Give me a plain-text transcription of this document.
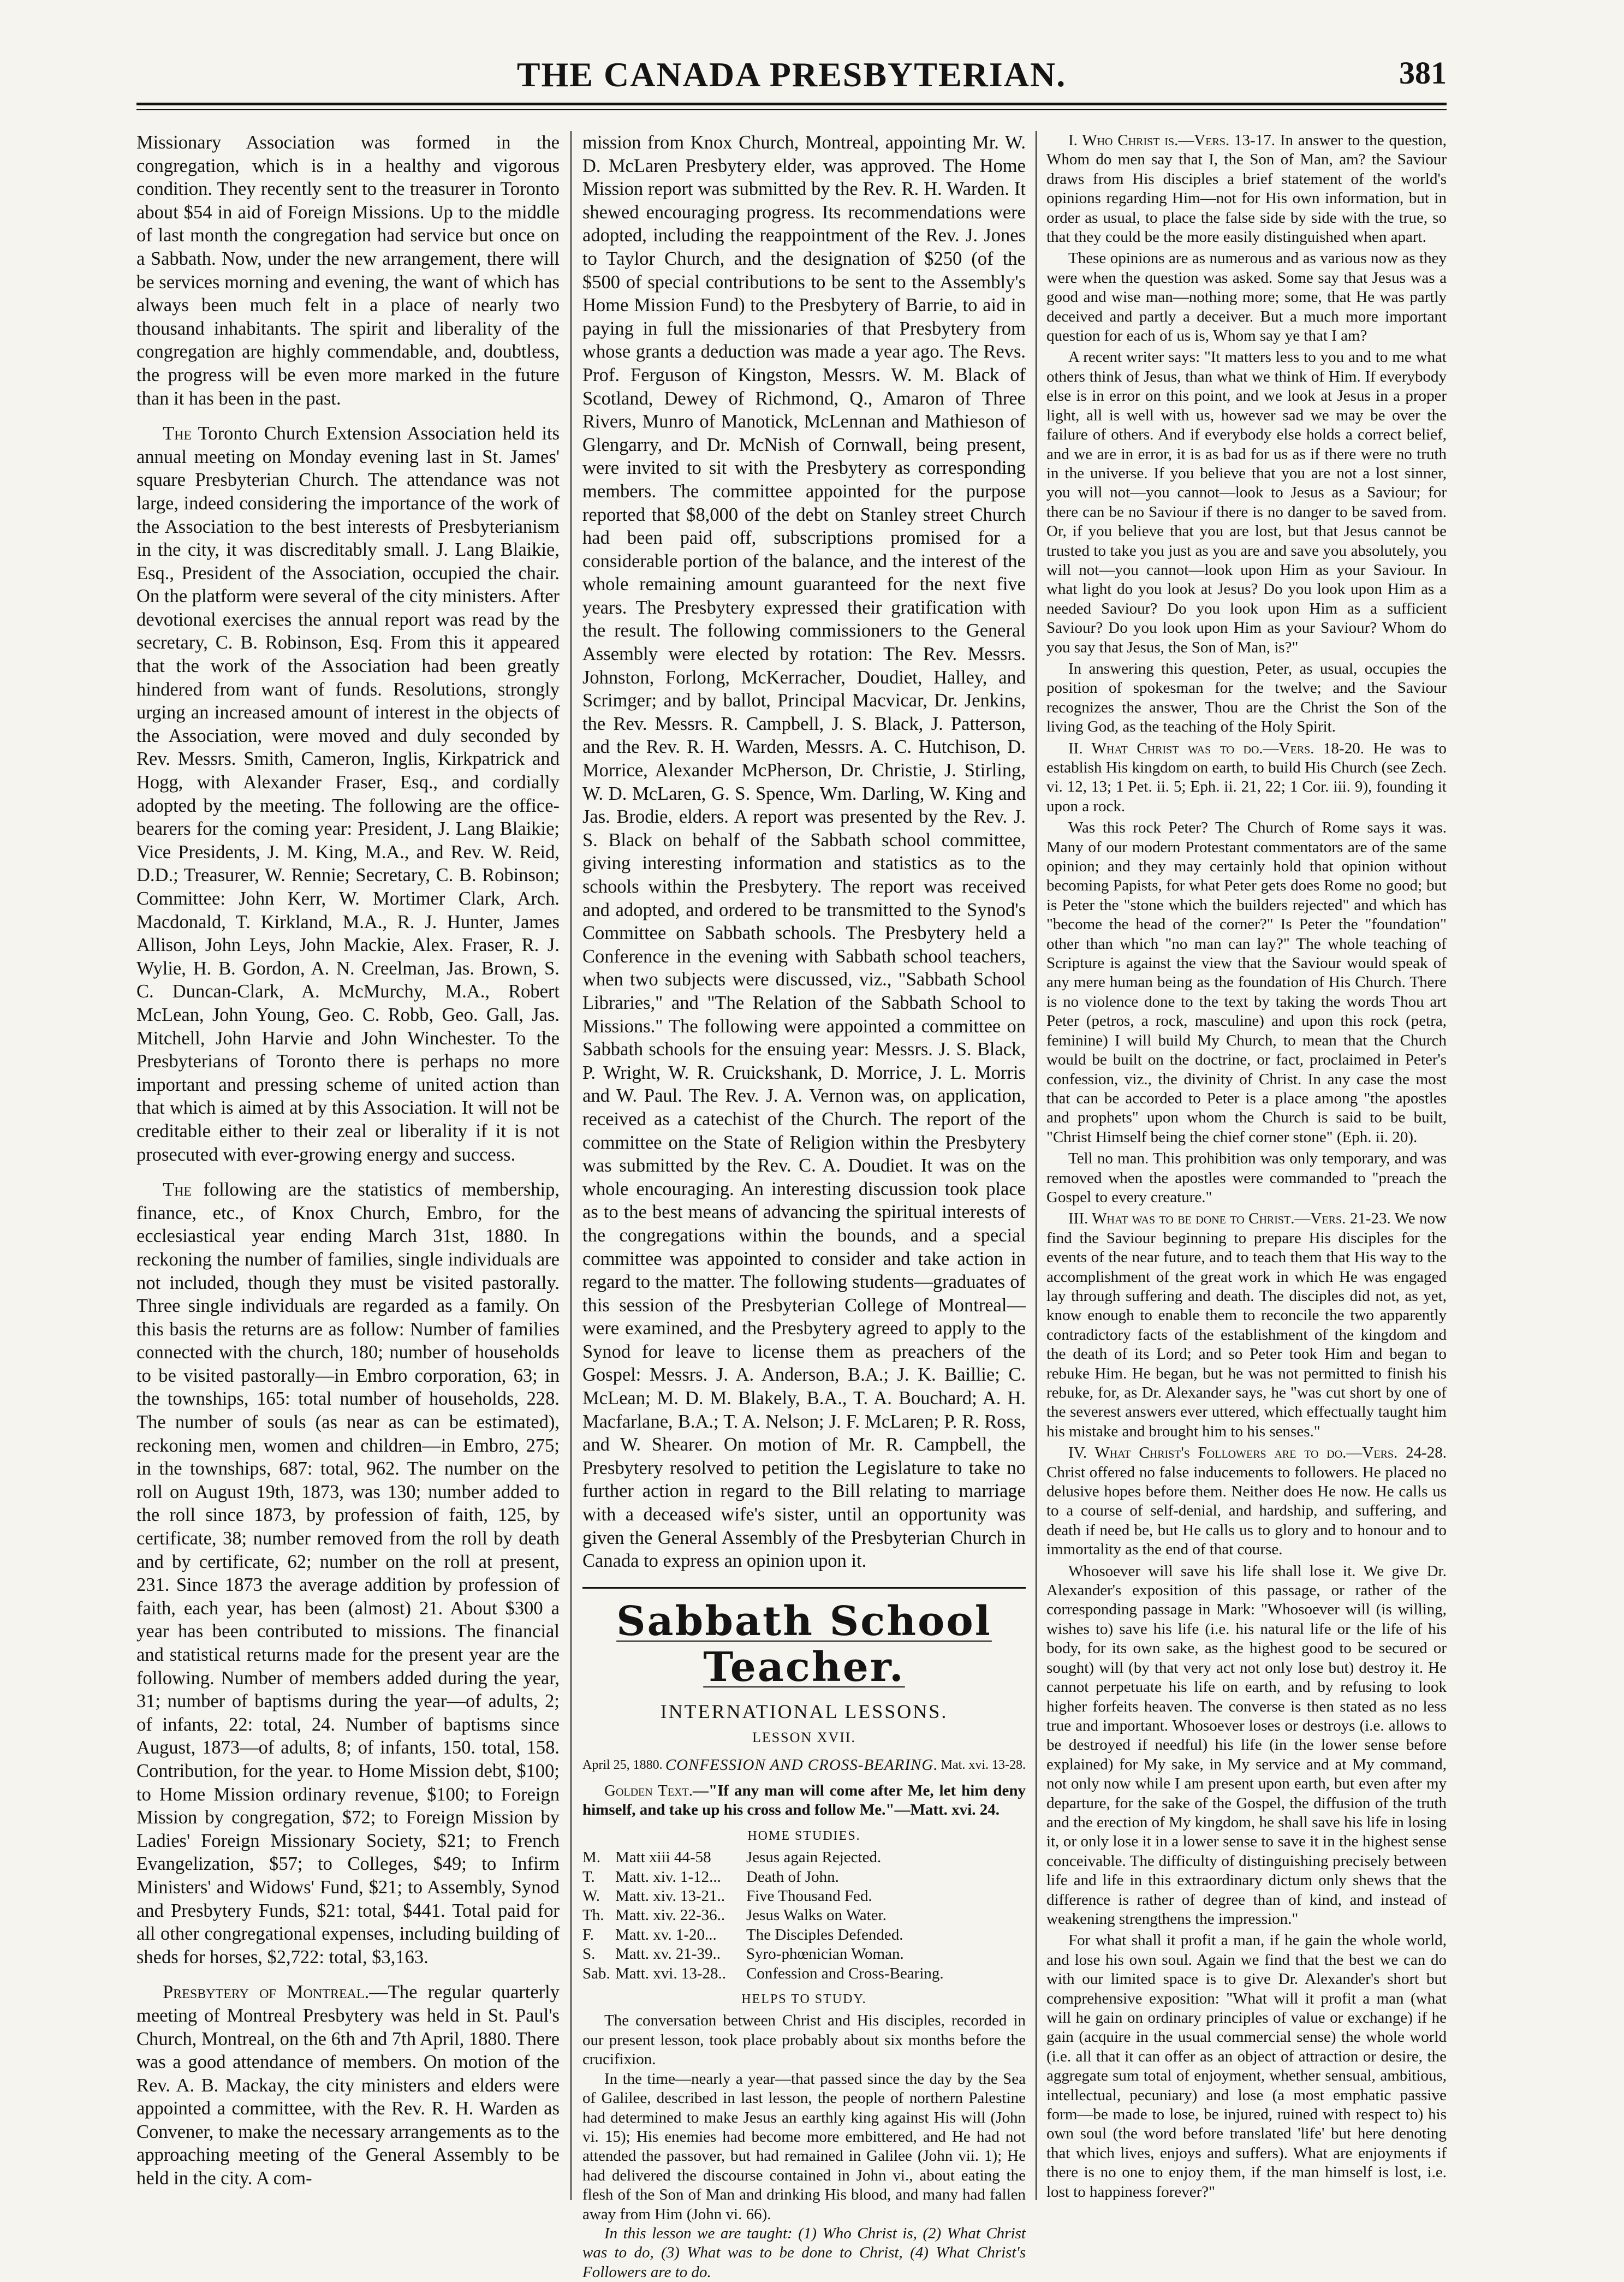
THE CANADA PRESBYTERIAN.	381

Missionary Association was formed in the congregation, which is in a healthy and vigorous condition. They recently sent to the treasurer in Toronto about $54 in aid of Foreign Missions. Up to the middle of last month the congregation had service but once on a Sabbath. Now, under the new arrangement, there will be services morning and evening, the want of which has always been much felt in a place of nearly two thousand inhabitants. The spirit and liberality of the congregation are highly commendable, and, doubtless, the progress will be even more marked in the future than it has been in the past.

The Toronto Church Extension Association held its annual meeting on Monday evening last in St. James' square Presbyterian Church. The attendance was not large, indeed considering the importance of the work of the Association to the best interests of Presbyterianism in the city, it was discreditably small. J. Lang Blaikie, Esq., President of the Association, occupied the chair. On the platform were several of the city ministers. After devotional exercises the annual report was read by the secretary, C. B. Robinson, Esq. From this it appeared that the work of the Association had been greatly hindered from want of funds. Resolutions, strongly urging an increased amount of interest in the objects of the Association, were moved and duly seconded by Rev. Messrs. Smith, Cameron, Inglis, Kirkpatrick and Hogg, with Alexander Fraser, Esq., and cordially adopted by the meeting. The following are the office-bearers for the coming year: President, J. Lang Blaikie; Vice Presidents, J. M. King, M.A., and Rev. W. Reid, D.D.; Treasurer, W. Rennie; Secretary, C. B. Robinson; Committee: John Kerr, W. Mortimer Clark, Arch. Macdonald, T. Kirkland, M.A., R. J. Hunter, James Allison, John Leys, John Mackie, Alex. Fraser, R. J. Wylie, H. B. Gordon, A. N. Creelman, Jas. Brown, S. C. Duncan-Clark, A. McMurchy, M.A., Robert McLean, John Young, Geo. C. Robb, Geo. Gall, Jas. Mitchell, John Harvie and John Winchester. To the Presbyterians of Toronto there is perhaps no more important and pressing scheme of united action than that which is aimed at by this Association. It will not be creditable either to their zeal or liberality if it is not prosecuted with ever-growing energy and success.

The following are the statistics of membership, finance, etc., of Knox Church, Embro, for the ecclesiastical year ending March 31st, 1880. In reckoning the number of families, single individuals are not included, though they must be visited pastorally. Three single individuals are regarded as a family. On this basis the returns are as follow: Number of families connected with the church, 180; number of households to be visited pastorally—in Embro corporation, 63; in the townships, 165: total number of households, 228. The number of souls (as near as can be estimated), reckoning men, women and children—in Embro, 275; in the townships, 687: total, 962. The number on the roll on August 19th, 1873, was 130; number added to the roll since 1873, by profession of faith, 125, by certificate, 38; number removed from the roll by death and by certificate, 62; number on the roll at present, 231. Since 1873 the average addition by profession of faith, each year, has been (almost) 21. About $300 a year has been contributed to missions. The financial and statistical returns made for the present year are the following. Number of members added during the year, 31; number of baptisms during the year—of adults, 2; of infants, 22: total, 24. Number of baptisms since August, 1873—of adults, 8; of infants, 150. total, 158. Contribution, for the year. to Home Mission debt, $100; to Home Mission ordinary revenue, $100; to Foreign Mission by congregation, $72; to Foreign Mission by Ladies' Foreign Missionary Society, $21; to French Evangelization, $57; to Colleges, $49; to Infirm Ministers' and Widows' Fund, $21; to Assembly, Synod and Presbytery Funds, $21: total, $441. Total paid for all other congregational expenses, including building of sheds for horses, $2,722: total, $3,163.

Presbytery of Montreal.—The regular quarterly meeting of Montreal Presbytery was held in St. Paul's Church, Montreal, on the 6th and 7th April, 1880. There was a good attendance of members. On motion of the Rev. A. B. Mackay, the city ministers and elders were appointed a committee, with the Rev. R. H. Warden as Convener, to make the necessary arrangements as to the approaching meeting of the General Assembly to be held in the city. A com-

mission from Knox Church, Montreal, appointing Mr. W. D. McLaren Presbytery elder, was approved. The Home Mission report was submitted by the Rev. R. H. Warden. It shewed encouraging progress. Its recommendations were adopted, including the reappointment of the Rev. J. Jones to Taylor Church, and the designation of $250 (of the $500 of special contributions to be sent to the Assembly's Home Mission Fund) to the Presbytery of Barrie, to aid in paying in full the missionaries of that Presbytery from whose grants a deduction was made a year ago. The Revs. Prof. Ferguson of Kingston, Messrs. W. M. Black of Scotland, Dewey of Richmond, Q., Amaron of Three Rivers, Munro of Manotick, McLennan and Mathieson of Glengarry, and Dr. McNish of Cornwall, being present, were invited to sit with the Presbytery as corresponding members. The committee appointed for the purpose reported that $8,000 of the debt on Stanley street Church had been paid off, subscriptions promised for a considerable portion of the balance, and the interest of the whole remaining amount guaranteed for the next five years. The Presbytery expressed their gratification with the result. The following commissioners to the General Assembly were elected by rotation: The Rev. Messrs. Johnston, Forlong, McKerracher, Doudiet, Halley, and Scrimger; and by ballot, Principal Macvicar, Dr. Jenkins, the Rev. Messrs. R. Campbell, J. S. Black, J. Patterson, and the Rev. R. H. Warden, Messrs. A. C. Hutchison, D. Morrice, Alexander McPherson, Dr. Christie, J. Stirling, W. D. McLaren, G. S. Spence, Wm. Darling, W. King and Jas. Brodie, elders. A report was presented by the Rev. J. S. Black on behalf of the Sabbath school committee, giving interesting information and statistics as to the schools within the Presbytery. The report was received and adopted, and ordered to be transmitted to the Synod's Committee on Sabbath schools. The Presbytery held a Conference in the evening with Sabbath school teachers, when two subjects were discussed, viz., "Sabbath School Libraries," and "The Relation of the Sabbath School to Missions." The following were appointed a committee on Sabbath schools for the ensuing year: Messrs. J. S. Black, P. Wright, W. R. Cruickshank, D. Morrice, J. L. Morris and W. Paul. The Rev. J. A. Vernon was, on application, received as a catechist of the Church. The report of the committee on the State of Religion within the Presbytery was submitted by the Rev. C. A. Doudiet. It was on the whole encouraging. An interesting discussion took place as to the best means of advancing the spiritual interests of the congregations within the bounds, and a special committee was appointed to consider and take action in regard to the matter. The following students—graduates of this session of the Presbyterian College of Montreal—were examined, and the Presbytery agreed to apply to the Synod for leave to license them as preachers of the Gospel: Messrs. J. A. Anderson, B.A.; J. K. Baillie; C. McLean; M. D. M. Blakely, B.A., T. A. Bouchard; A. H. Macfarlane, B.A.; T. A. Nelson; J. F. McLaren; P. R. Ross, and W. Shearer. On motion of Mr. R. Campbell, the Presbytery resolved to petition the Legislature to take no further action in regard to the Bill relating to marriage with a deceased wife's sister, until an opportunity was given the General Assembly of the Presbyterian Church in Canada to express an opinion upon it.

Sabbath School Teacher.
INTERNATIONAL LESSONS.
LESSON XVII.
April 25, 1880. CONFESSION AND CROSS-BEARING. Mat. xvi. 13-28.

Golden Text.—"If any man will come after Me, let him deny himself, and take up his cross and follow Me."—Matt. xvi. 24.

HOME STUDIES.
M. Matt xiii 44-58	Jesus again Rejected.
T.	Matt. xiv. 1-12...	Death of John.
W. Matt. xiv. 13-21..	Five Thousand Fed.
Th. Matt. xiv. 22-36..	Jesus Walks on Water.
F.	Matt. xv. 1-20...	The Disciples Defended.
S.	Matt. xv. 21-39..	Syro-phœnician Woman.
Sab. Matt. xvi. 13-28..	Confession and Cross-Bearing.
HELPS TO STUDY.

The conversation between Christ and His disciples, recorded in our present lesson, took place probably about six months before the crucifixion.

In the time—nearly a year—that passed since the day by the Sea of Galilee, described in last lesson, the people of northern Palestine had determined to make Jesus an earthly king against His will (John vi. 15); His enemies had become more embittered, and He had not attended the passover, but had remained in Galilee (John vii. 1); He had delivered the discourse contained in John vi., about eating the flesh of the Son of Man and drinking His blood, and many had fallen away from Him (John vi. 66).

In this lesson we are taught: (1) Who Christ is, (2) What Christ was to do, (3) What was to be done to Christ, (4) What Christ's Followers are to do.

I. Who Christ is.—Vers. 13-17. In answer to the question, Whom do men say that I, the Son of Man, am? the Saviour draws from His disciples a brief statement of the world's opinions regarding Him—not for His own information, but in order as usual, to place the false side by side with the true, so that they could be the more easily distinguished when apart.

These opinions are as numerous and as various now as they were when the question was asked. Some say that Jesus was a good and wise man—nothing more; some, that He was partly deceived and partly a deceiver. But a much more important question for each of us is, Whom say ye that I am?

A recent writer says: "It matters less to you and to me what others think of Jesus, than what we think of Him. If everybody else is in error on this point, and we look at Jesus in a proper light, all is well with us, however sad we may be over the failure of others. And if everybody else holds a correct belief, and we are in error, it is as bad for us as if there were no truth in the universe. If you believe that you are not a lost sinner, you will not—you cannot—look to Jesus as a Saviour; for there can be no Saviour if there is no danger to be saved from. Or, if you believe that you are lost, but that Jesus cannot be trusted to take you just as you are and save you absolutely, you will not—you cannot—look upon Him as your Saviour. In what light do you look at Jesus? Do you look upon Him as a needed Saviour? Do you look upon Him as a sufficient Saviour? Do you look upon Him as your Saviour? Whom do you say that Jesus, the Son of Man, is?"

In answering this question, Peter, as usual, occupies the position of spokesman for the twelve; and the Saviour recognizes the answer, Thou are the Christ the Son of the living God, as the teaching of the Holy Spirit.

II. What Christ was to do.—Vers. 18-20. He was to establish His kingdom on earth, to build His Church (see Zech. vi. 12, 13; 1 Pet. ii. 5; Eph. ii. 21, 22; 1 Cor. iii. 9), founding it upon a rock.

Was this rock Peter? The Church of Rome says it was. Many of our modern Protestant commentators are of the same opinion; and they may certainly hold that opinion without becoming Papists, for what Peter gets does Rome no good; but is Peter the "stone which the builders rejected" and which has "become the head of the corner?" Is Peter the "foundation" other than which "no man can lay?" The whole teaching of Scripture is against the view that the Saviour would speak of any mere human being as the foundation of His Church. There is no violence done to the text by taking the words Thou art Peter (petros, a rock, masculine) and upon this rock (petra, feminine) I will build My Church, to mean that the Church would be built on the doctrine, or fact, proclaimed in Peter's confession, viz., the divinity of Christ. In any case the most that can be accorded to Peter is a place among "the apostles and prophets" upon whom the Church is said to be built, "Christ Himself being the chief corner stone" (Eph. ii. 20).

Tell no man. This prohibition was only temporary, and was removed when the apostles were commanded to "preach the Gospel to every creature."

III. What was to be done to Christ.—Vers. 21-23. We now find the Saviour beginning to prepare His disciples for the events of the near future, and to teach them that His way to the accomplishment of the great work in which He was engaged lay through suffering and death. The disciples did not, as yet, know enough to enable them to reconcile the two apparently contradictory facts of the establishment of the kingdom and the death of its Lord; and so Peter took Him and began to rebuke Him. He began, but he was not permitted to finish his rebuke, for, as Dr. Alexander says, he "was cut short by one of the severest answers ever uttered, which effectually taught him his mistake and brought him to his senses."

IV. What Christ's Followers are to do.—Vers. 24-28. Christ offered no false inducements to followers. He placed no delusive hopes before them. Neither does He now. He calls us to a course of self-denial, and hardship, and suffering, and death if need be, but He calls us to glory and to honour and to immortality as the end of that course.

Whosoever will save his life shall lose it. We give Dr. Alexander's exposition of this passage, or rather of the corresponding passage in Mark: "Whosoever will (is willing, wishes to) save his life (i.e. his natural life or the life of his body, for its own sake, as the highest good to be secured or sought) will (by that very act not only lose but) destroy it. He cannot perpetuate his life on earth, and by refusing to look higher forfeits heaven. The converse is then stated as no less true and important. Whosoever loses or destroys (i.e. allows to be destroyed if needful) his life (in the lower sense before explained) for My sake, in My service and at My command, not only now while I am present upon earth, but even after my departure, for the sake of the Gospel, the diffusion of the truth and the erection of My kingdom, he shall save his life in losing it, or only lose it in a lower sense to save it in the highest sense conceivable. The difficulty of distinguishing precisely between life and life in this extraordinary dictum only shews that the difference is rather of degree than of kind, and instead of weakening strengthens the impression."

For what shall it profit a man, if he gain the whole world, and lose his own soul. Again we find that the best we can do with our limited space is to give Dr. Alexander's short but comprehensive exposition: "What will it profit a man (what will he gain on ordinary principles of value or exchange) if he gain (acquire in the usual commercial sense) the whole world (i.e. all that it can offer as an object of attraction or desire, the aggregate sum total of enjoyment, whether sensual, ambitious, intellectual, pecuniary) and lose (a most emphatic passive form—be made to lose, be injured, ruined with respect to) his own soul (the word before translated 'life' but here denoting that which lives, enjoys and suffers). What are enjoyments if there is no one to enjoy them, if the man himself is lost, i.e. lost to happiness forever?"
